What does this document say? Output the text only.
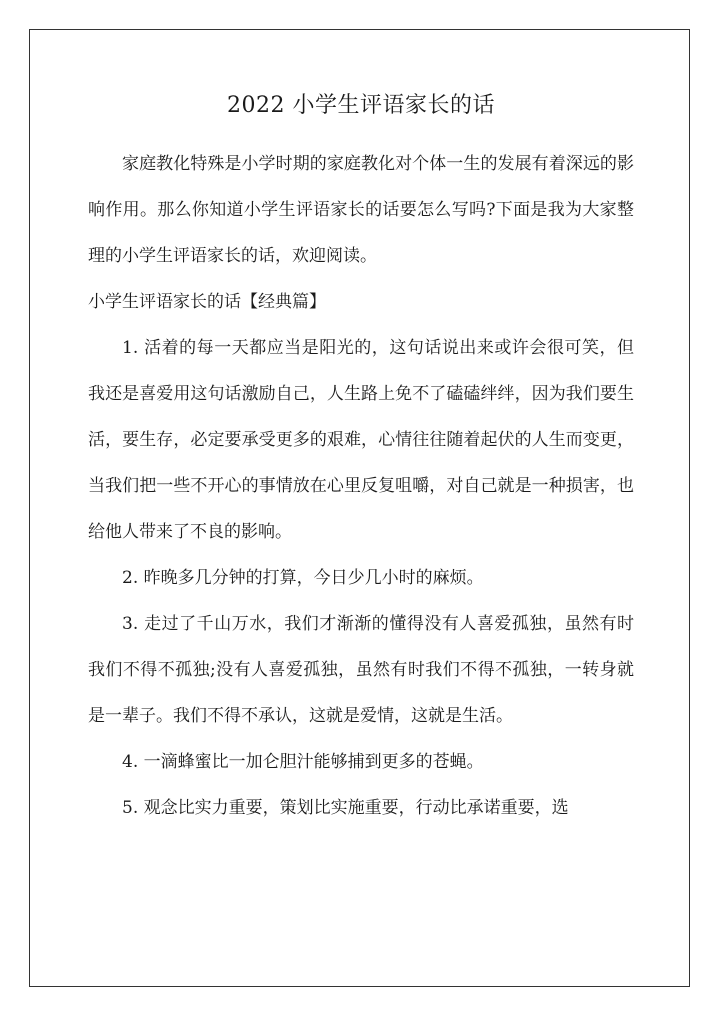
2022 小学生评语家长的话

家庭教化特殊是小学时期的家庭教化对个体一生的发展有着深远的影响作用。那么你知道小学生评语家长的话要怎么写吗?下面是我为大家整理的小学生评语家长的话，欢迎阅读。

小学生评语家长的话【经典篇】

1. 活着的每一天都应当是阳光的，这句话说出来或许会很可笑，但我还是喜爱用这句话激励自己，人生路上免不了磕磕绊绊，因为我们要生活，要生存，必定要承受更多的艰难，心情往往随着起伏的人生而变更，当我们把一些不开心的事情放在心里反复咀嚼，对自己就是一种损害，也给他人带来了不良的影响。

2. 昨晚多几分钟的打算，今日少几小时的麻烦。

3. 走过了千山万水，我们才渐渐的懂得没有人喜爱孤独，虽然有时我们不得不孤独;没有人喜爱孤独，虽然有时我们不得不孤独，一转身就是一辈子。我们不得不承认，这就是爱情，这就是生活。

4. 一滴蜂蜜比一加仑胆汁能够捕到更多的苍蝇。

5. 观念比实力重要，策划比实施重要，行动比承诺重要，选
